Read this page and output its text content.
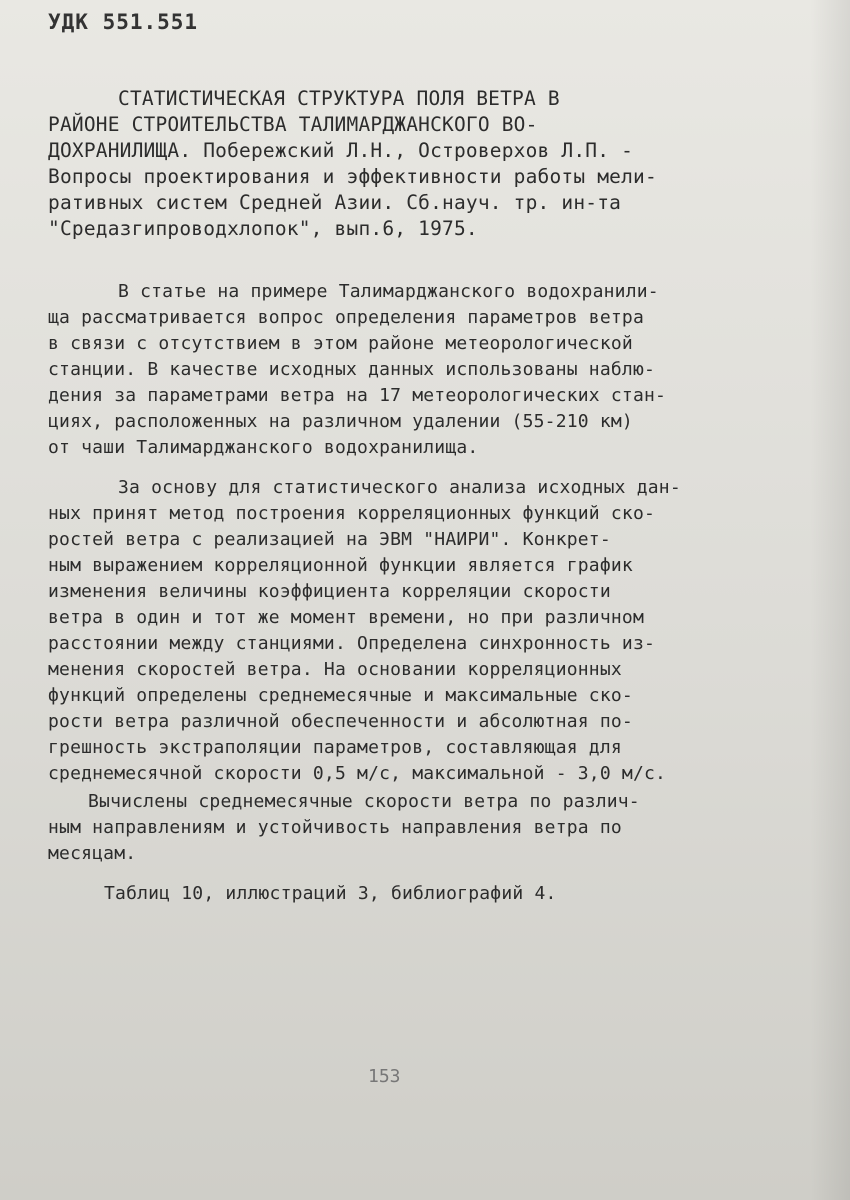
УДК 551.551
СТАТИСТИЧЕСКАЯ СТРУКТУРА ПОЛЯ ВЕТРА В
РАЙОНЕ СТРОИТЕЛЬСТВА ТАЛИМАРДЖАНСКОГО ВО-
ДОХРАНИЛИЩА. Побережский Л.Н., Островерхов Л.П. -
Вопросы проектирования и эффективности работы мели-
ративных систем Средней Азии. Сб.науч. тр. ин-та
"Средазгипроводхлопок", вып.6, 1975.
В статье на примере Талимарджанского водохранили-
ща рассматривается вопрос определения параметров ветра
в связи с отсутствием в этом районе метеорологической
станции. В качестве исходных данных использованы наблю-
дения за параметрами ветра на 17 метеорологических стан-
циях, расположенных на различном удалении (55-210 км)
от чаши Талимарджанского водохранилища.
За основу для статистического анализа исходных дан-
ных принят метод построения корреляционных функций ско-
ростей ветра с реализацией на ЭВМ "НАИРИ". Конкрет-
ным выражением корреляционной функции является график
изменения величины коэффициента корреляции скорости
ветра в один и тот же момент времени, но при различном
расстоянии между станциями. Определена синхронность из-
менения скоростей ветра. На основании корреляционных
функций определены среднемесячные и максимальные ско-
рости ветра различной обеспеченности и абсолютная по-
грешность экстраполяции параметров, составляющая для
среднемесячной скорости 0,5 м/с, максимальной - 3,0 м/с.
Вычислены среднемесячные скорости ветра по различ-
ным направлениям и устойчивость направления ветра по
месяцам.
Таблиц 10, иллюстраций 3, библиографий 4.
153
